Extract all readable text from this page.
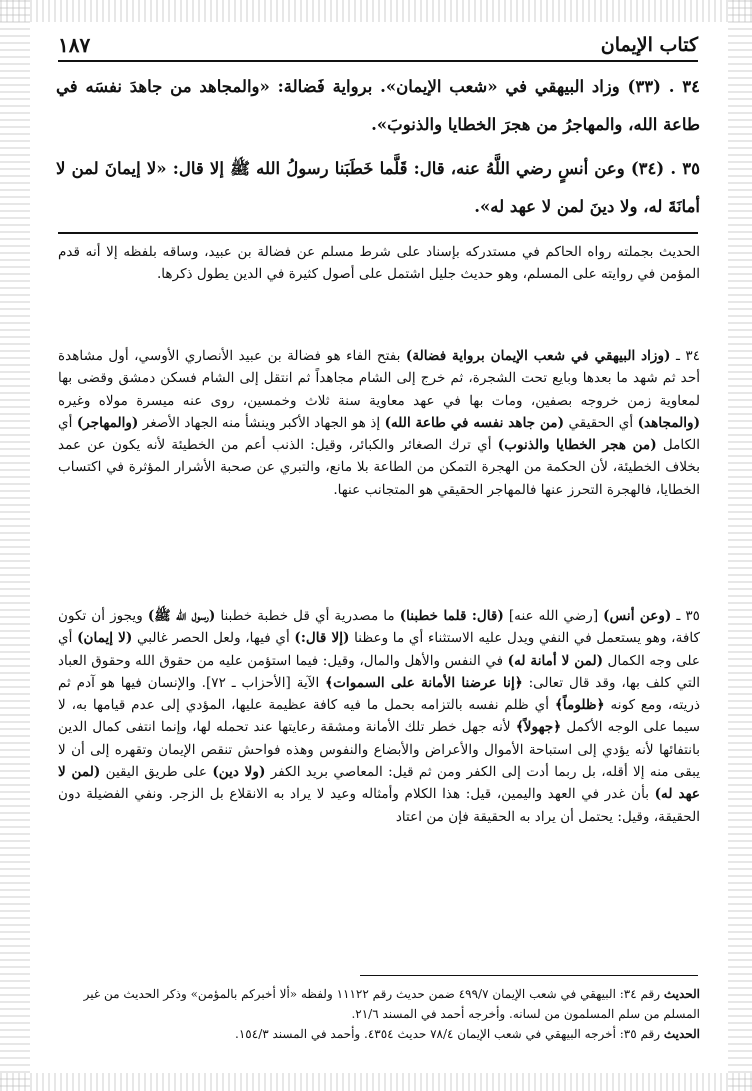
كتاب الإيمان
١٨٧
٣٤ . (٣٣) وزاد البيهقي في «شعب الإيمان». برواية فَضالة: «والمجاهد من جاهدَ نفسَه في طاعة الله، والمهاجرُ من هجرَ الخطايا والذنوبَ».
٣٥ . (٣٤) وعن أنسٍ رضي اللَّهُ عنه، قال: قَلَّما خَطَبَنا رسولُ الله ﷺ إلا قال: «لا إيمانَ لمن لا أمانَةَ له، ولا دينَ لمن لا عهد له».

الحديث بجملته رواه الحاكم في مستدركه بإسناد على شرط مسلم عن فضالة بن عبيد، وساقه بلفظه إلا أنه قدم المؤمن في روايته على المسلم، وهو حديث جليل اشتمل على أصول كثيرة في الدين يطول ذكرها.

٣٤ ـ (وزاد البيهقي في شعب الإيمان برواية فضالة) بفتح الفاء هو فضالة بن عبيد الأنصاري الأوسي، أول مشاهدة أحد ثم شهد ما بعدها وبايع تحت الشجرة، ثم خرج إلى الشام مجاهداً ثم انتقل إلى الشام فسكن دمشق وقضى بها لمعاوية زمن خروجه بصفين، ومات بها في عهد معاوية سنة ثلاث وخمسين، روى عنه ميسرة مولاه وغيره (والمجاهد) أي الحقيقي (من جاهد نفسه في طاعة الله) إذ هو الجهاد الأكبر وينشأ منه الجهاد الأصغر (والمهاجر) أي الكامل (من هجر الخطايا والذنوب) أي ترك الصغائر والكبائر، وقيل: الذنب أعم من الخطيئة لأنه يكون عن عمد بخلاف الخطيئة، لأن الحكمة من الهجرة التمكن من الطاعة بلا مانع، والتبري عن صحبة الأشرار المؤثرة في اكتساب الخطايا، فالهجرة التحرز عنها فالمهاجر الحقيقي هو المتجانب عنها.

٣٥ ـ (وعن أنس) [رضي الله عنه] (قال: قلما خطبنا) ما مصدرية أي قل خطبة خطبنا (رسول الله ﷺ) ويجوز أن تكون كافة، وهو يستعمل في النفي ويدل عليه الاستثناء أي ما وعظنا (إلا قال:) أي فيها، ولعل الحصر غالبي (لا إيمان) أي على وجه الكمال (لمن لا أمانة له) في النفس والأهل والمال، وقيل: فيما استؤمن عليه من حقوق الله وحقوق العباد التي كلف بها، وقد قال تعالى: ﴿إنا عرضنا الأمانة على السموات﴾ الآية [الأحزاب ـ ٧٢]. والإنسان فيها هو آدم ثم ذريته، ومع كونه ﴿ظلوماً﴾ أي ظلم نفسه بالتزامه بحمل ما فيه كافة عظيمة عليها، المؤدي إلى عدم قيامها به، لا سيما على الوجه الأكمل ﴿جهولاً﴾ لأنه جهل خطر تلك الأمانة ومشقة رعايتها عند تحمله لها، وإنما انتفى كمال الدين بانتفائها لأنه يؤدي إلى استباحة الأموال والأعراض والأبضاع والنفوس وهذه فواحش تنقص الإيمان وتقهره إلى أن لا يبقى منه إلا أقله، بل ربما أدت إلى الكفر ومن ثم قيل: المعاصي بريد الكفر (ولا دين) على طريق اليقين (لمن لا عهد له) بأن غدر في العهد واليمين، قيل: هذا الكلام وأمثاله وعيد لا يراد به الانقلاع بل الزجر. ونفي الفضيلة دون الحقيقة، وقيل: يحتمل أن يراد به الحقيقة فإن من اعتاد

الحديث رقم ٣٤: البيهقي في شعب الإيمان ٤٩٩/٧ ضمن حديث رقم ١١١٢٢ ولفظه «ألا أخبركم بالمؤمن» وذكر الحديث من غير المسلم من سلم المسلمون من لسانه. وأخرجه أحمد في المسند ٢١/٦.

الحديث رقم ٣٥: أخرجه البيهقي في شعب الإيمان ٧٨/٤ حديث ٤٣٥٤. وأحمد في المسند ١٥٤/٣.
